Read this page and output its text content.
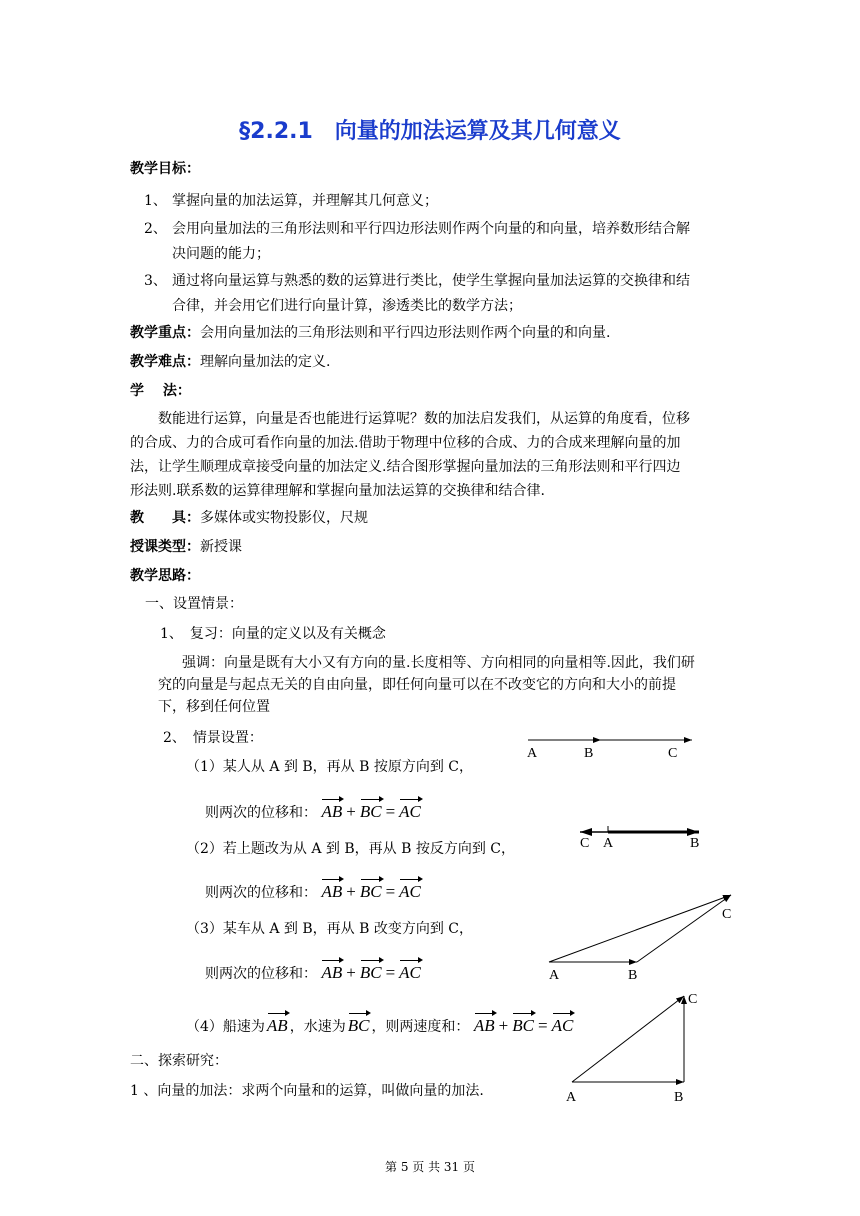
§2.2.1　向量的加法运算及其几何意义
教学目标：
1、 掌握向量的加法运算，并理解其几何意义；
2、 会用向量加法的三角形法则和平行四边形法则作两个向量的和向量，培养数形结合解
决问题的能力；
3、 通过将向量运算与熟悉的数的运算进行类比，使学生掌握向量加法运算的交换律和结
合律，并会用它们进行向量计算，渗透类比的数学方法；
教学重点：会用向量加法的三角形法则和平行四边形法则作两个向量的和向量.
教学难点：理解向量加法的定义.
学　 法：
数能进行运算，向量是否也能进行运算呢？数的加法启发我们，从运算的角度看，位移
的合成、力的合成可看作向量的加法.借助于物理中位移的合成、力的合成来理解向量的加
法，让学生顺理成章接受向量的加法定义.结合图形掌握向量加法的三角形法则和平行四边
形法则.联系数的运算律理解和掌握向量加法运算的交换律和结合律.
教　　具：多媒体或实物投影仪，尺规
授课类型：新授课
教学思路：
一、设置情景：
1、　复习：向量的定义以及有关概念
强调：向量是既有大小又有方向的量.长度相等、方向相同的向量相等.因此，我们研
究的向量是与起点无关的自由向量，即任何向量可以在不改变它的方向和大小的前提
下，移到任何位置
2、　情景设置：
（1）某人从 A 到 B，再从 B 按原方向到 C，
则两次的位移和： AB + BC = AC
（2）若上题改为从 A 到 B，再从 B 按反方向到 C，
则两次的位移和： AB + BC = AC
（3）某车从 A 到 B，再从 B 改变方向到 C，
则两次的位移和： AB + BC = AC
（4）船速为 AB ，水速为 BC ，则两速度和： AB + BC = AC
二、探索研究：
1 、向量的加法：求两个向量和的运算，叫做向量的加法.
A	B	C
C A	B
C
A	B
C
A	B
第 5 页 共 31 页
